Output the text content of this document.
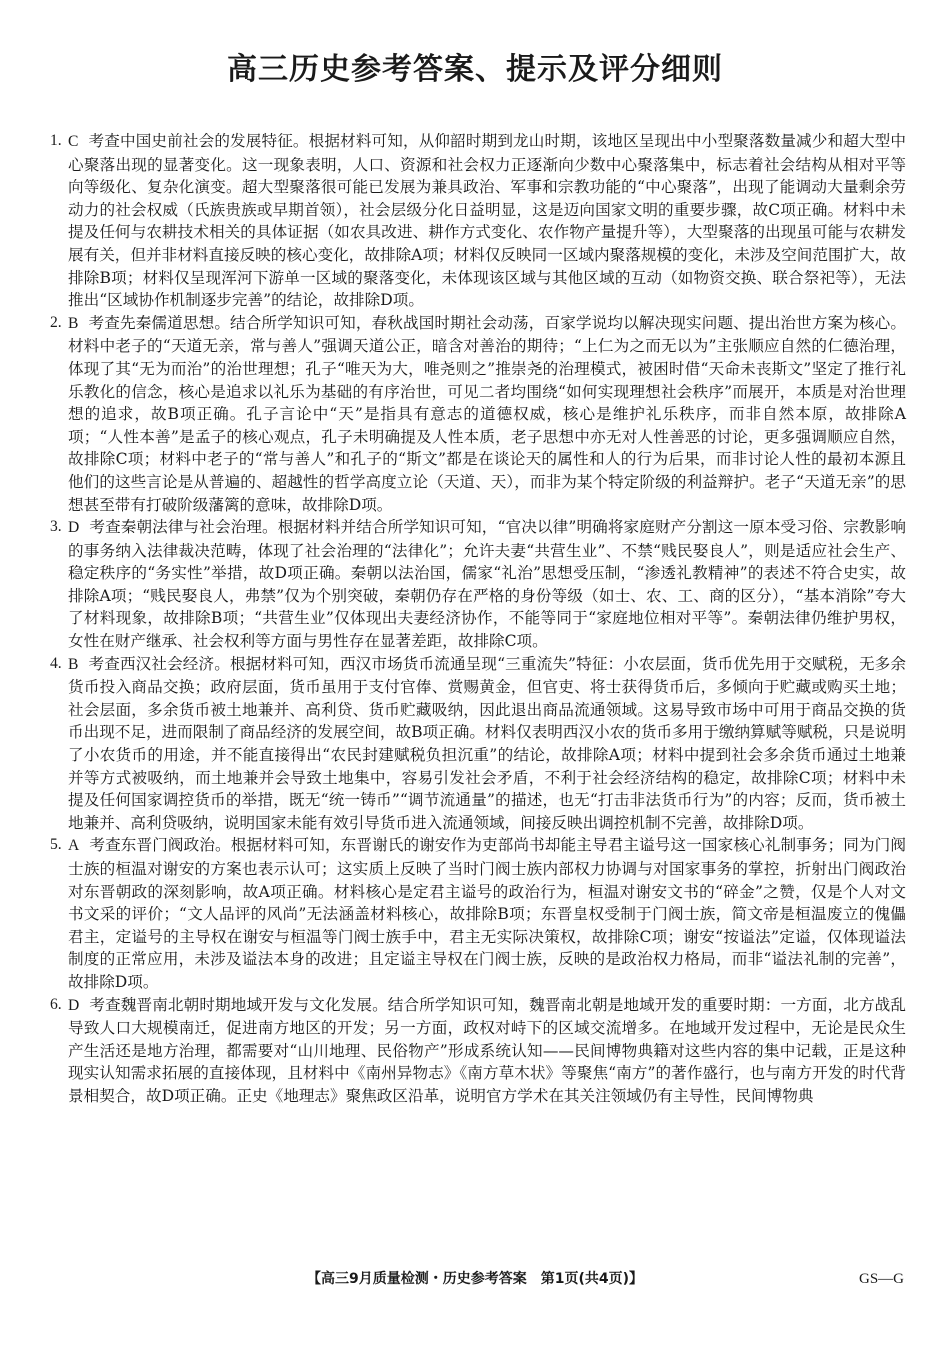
高三历史参考答案、提示及评分细则

1. C 考查中国史前社会的发展特征。根据材料可知，从仰韶时期到龙山时期，该地区呈现出中小型聚落数量减少和超大型中心聚落出现的显著变化。这一现象表明，人口、资源和社会权力正逐渐向少数中心聚落集中，标志着社会结构从相对平等向等级化、复杂化演变。超大型聚落很可能已发展为兼具政治、军事和宗教功能的“中心聚落”，出现了能调动大量剩余劳动力的社会权威（氏族贵族或早期首领），社会层级分化日益明显，这是迈向国家文明的重要步骤，故C项正确。材料中未提及任何与农耕技术相关的具体证据（如农具改进、耕作方式变化、农作物产量提升等），大型聚落的出现虽可能与农耕发展有关，但并非材料直接反映的核心变化，故排除A项；材料仅反映同一区域内聚落规模的变化，未涉及空间范围扩大，故排除B项；材料仅呈现浑河下游单一区域的聚落变化，未体现该区域与其他区域的互动（如物资交换、联合祭祀等），无法推出“区域协作机制逐步完善”的结论，故排除D项。

2. B 考查先秦儒道思想。结合所学知识可知，春秋战国时期社会动荡，百家学说均以解决现实问题、提出治世方案为核心。材料中老子的“天道无亲，常与善人”强调天道公正，暗含对善治的期待；“上仁为之而无以为”主张顺应自然的仁德治理，体现了其“无为而治”的治世理想；孔子“唯天为大，唯尧则之”推崇尧的治理模式，被困时借“天命未丧斯文”坚定了推行礼乐教化的信念，核心是追求以礼乐为基础的有序治世，可见二者均围绕“如何实现理想社会秩序”而展开，本质是对治世理想的追求，故B项正确。孔子言论中“天”是指具有意志的道德权威，核心是维护礼乐秩序，而非自然本原，故排除A项；“人性本善”是孟子的核心观点，孔子未明确提及人性本质，老子思想中亦无对人性善恶的讨论，更多强调顺应自然，故排除C项；材料中老子的“常与善人”和孔子的“斯文”都是在谈论天的属性和人的行为后果，而非讨论人性的最初本源且他们的这些言论是从普遍的、超越性的哲学高度立论（天道、天），而非为某个特定阶级的利益辩护。老子“天道无亲”的思想甚至带有打破阶级藩篱的意味，故排除D项。

3. D 考查秦朝法律与社会治理。根据材料并结合所学知识可知，“官决以律”明确将家庭财产分割这一原本受习俗、宗教影响的事务纳入法律裁决范畴，体现了社会治理的“法律化”；允许夫妻“共营生业”、不禁“贱民娶良人”，则是适应社会生产、稳定秩序的“务实性”举措，故D项正确。秦朝以法治国，儒家“礼治”思想受压制，“渗透礼教精神”的表述不符合史实，故排除A项；“贱民娶良人，弗禁”仅为个别突破，秦朝仍存在严格的身份等级（如士、农、工、商的区分），“基本消除”夸大了材料现象，故排除B项；“共营生业”仅体现出夫妻经济协作，不能等同于“家庭地位相对平等”。秦朝法律仍维护男权，女性在财产继承、社会权利等方面与男性存在显著差距，故排除C项。

4. B 考查西汉社会经济。根据材料可知，西汉市场货币流通呈现“三重流失”特征：小农层面，货币优先用于交赋税，无多余货币投入商品交换；政府层面，货币虽用于支付官俸、赏赐黄金，但官吏、将士获得货币后，多倾向于贮藏或购买土地；社会层面，多余货币被土地兼并、高利贷、货币贮藏吸纳，因此退出商品流通领域。这易导致市场中可用于商品交换的货币出现不足，进而限制了商品经济的发展空间，故B项正确。材料仅表明西汉小农的货币多用于缴纳算赋等赋税，只是说明了小农货币的用途，并不能直接得出“农民封建赋税负担沉重”的结论，故排除A项；材料中提到社会多余货币通过土地兼并等方式被吸纳，而土地兼并会导致土地集中，容易引发社会矛盾，不利于社会经济结构的稳定，故排除C项；材料中未提及任何国家调控货币的举措，既无“统一铸币”“调节流通量”的描述，也无“打击非法货币行为”的内容；反而，货币被土地兼并、高利贷吸纳，说明国家未能有效引导货币进入流通领域，间接反映出调控机制不完善，故排除D项。

5. A 考查东晋门阀政治。根据材料可知，东晋谢氏的谢安作为吏部尚书却能主导君主谥号这一国家核心礼制事务；同为门阀士族的桓温对谢安的方案也表示认可；这实质上反映了当时门阀士族内部权力协调与对国家事务的掌控，折射出门阀政治对东晋朝政的深刻影响，故A项正确。材料核心是定君主谥号的政治行为，桓温对谢安文书的“碎金”之赞，仅是个人对文书文采的评价；“文人品评的风尚”无法涵盖材料核心，故排除B项；东晋皇权受制于门阀士族，简文帝是桓温废立的傀儡君主，定谥号的主导权在谢安与桓温等门阀士族手中，君主无实际决策权，故排除C项；谢安“按谥法”定谥，仅体现谥法制度的正常应用，未涉及谥法本身的改进；且定谥主导权在门阀士族，反映的是政治权力格局，而非“谥法礼制的完善”，故排除D项。

6. D 考查魏晋南北朝时期地域开发与文化发展。结合所学知识可知，魏晋南北朝是地域开发的重要时期：一方面，北方战乱导致人口大规模南迁，促进南方地区的开发；另一方面，政权对峙下的区域交流增多。在地域开发过程中，无论是民众生产生活还是地方治理，都需要对“山川地理、民俗物产”形成系统认知——民间博物典籍对这些内容的集中记载，正是这种现实认知需求拓展的直接体现，且材料中《南州异物志》《南方草木状》等聚焦“南方”的著作盛行，也与南方开发的时代背景相契合，故D项正确。正史《地理志》聚焦政区沿革，说明官方学术在其关注领域仍有主导性，民间博物典

【高三9月质量检测・历史参考答案　第1页(共4页)】	GS—G
